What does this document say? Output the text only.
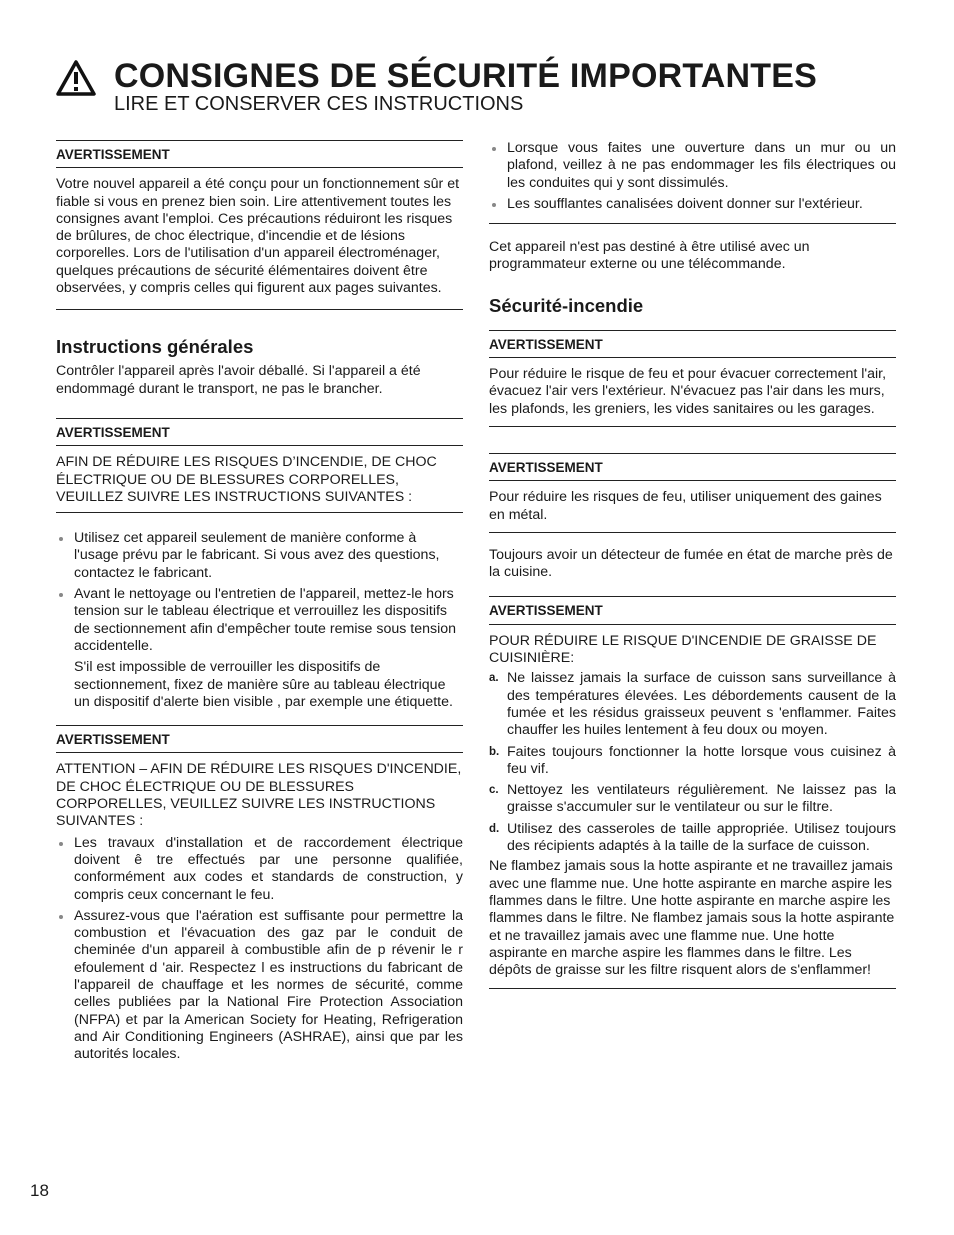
CONSIGNES DE SÉCURITÉ IMPORTANTES
LIRE ET CONSERVER CES INSTRUCTIONS

AVERTISSEMENT

Votre nouvel appareil a été conçu pour un fonctionnement sûr et fiable si vous en prenez bien soin. Lire attentivement toutes les consignes avant l'emploi. Ces précautions réduiront les risques de brûlures, de choc électrique, d'incendie et de lésions corporelles. Lors de l'utilisation d'un appareil électroménager, quelques précautions de sécurité élémentaires doivent être observées, y compris celles qui figurent aux pages suivantes.

Instructions générales

Contrôler l'appareil après l'avoir déballé. Si l'appareil a été endommagé durant le transport, ne pas le brancher.

AVERTISSEMENT

AFIN DE RÉDUIRE LES RISQUES D’INCENDIE, DE CHOC ÉLECTRIQUE OU DE BLESSURES CORPORELLES, VEUILLEZ SUIVRE LES INSTRUCTIONS SUIVANTES :

Utilisez cet appareil seulement de manière conforme à l'usage prévu par le fabricant. Si vous avez des questions, contactez le fabricant.
Avant le nettoyage ou l'entretien de l'appareil, mettez-le hors tension sur le tableau électrique et verrouillez les dispositifs de sectionnement afin d'empêcher toute remise sous tension accidentelle.
S'il est impossible de verrouiller les dispositifs de sectionnement, fixez de manière sûre au tableau électrique un dispositif d'alerte bien visible , par exemple une étiquette.

AVERTISSEMENT

ATTENTION – AFIN DE RÉDUIRE LES RISQUES D'INCENDIE, DE CHOC ÉLECTRIQUE OU DE BLESSURES CORPORELLES, VEUILLEZ SUIVRE LES INSTRUCTIONS SUIVANTES :

Les travaux d'installation et de raccordement électrique doivent ê tre effectués par une personne qualifiée, conformément aux codes et standards de construction, y compris ceux concernant le feu.
Assurez-vous que l'aération est suffisante pour permettre la combustion et l'évacuation des gaz par le conduit de cheminée d'un appareil à combustible afin de p révenir le r efoulement d 'air. Respectez l es instructions du fabricant de l'appareil de chauffage et les normes de sécurité, comme celles publiées par la National Fire Protection Association (NFPA) et par la American Society for Heating, Refrigeration and Air Conditioning Engineers (ASHRAE), ainsi que par les autorités locales.
Lorsque vous faites une ouverture dans un mur ou un plafond, veillez à ne pas endommager les fils électriques ou les conduites qui y sont dissimulés.
Les soufflantes canalisées doivent donner sur l'extérieur.

Cet appareil n'est pas destiné à être utilisé avec un programmateur externe ou une télécommande.

Sécurité-incendie

AVERTISSEMENT

Pour réduire le risque de feu et pour évacuer correctement l'air, évacuez l'air vers l'extérieur. N'évacuez pas l'air dans les murs, les plafonds, les greniers, les vides sanitaires ou les garages.

AVERTISSEMENT

Pour réduire les risques de feu, utiliser uniquement des gaines en métal.

Toujours avoir un détecteur de fumée en état de marche près de la cuisine.

AVERTISSEMENT

POUR RÉDUIRE LE RISQUE D'INCENDIE DE GRAISSE DE CUISINIÈRE:

a. Ne laissez jamais la surface de cuisson sans surveillance à des températures élevées. Les débordements causent de la fumée et les résidus graisseux peuvent s 'enflammer. Faites chauffer les huiles lentement à feu doux ou moyen.
b. Faites toujours fonctionner la hotte lorsque vous cuisinez à feu vif.
c. Nettoyez les ventilateurs régulièrement. Ne laissez pas la graisse s'accumuler sur le ventilateur ou sur le filtre.
d. Utilisez des casseroles de taille appropriée. Utilisez toujours des récipients adaptés à la taille de la surface de cuisson.

Ne flambez jamais sous la hotte aspirante et ne travaillez jamais avec une flamme nue. Une hotte aspirante en marche aspire les flammes dans le filtre. Une hotte aspirante en marche aspire les flammes dans le filtre. Ne flambez jamais sous la hotte aspirante et ne travaillez jamais avec une flamme nue. Une hotte aspirante en marche aspire les flammes dans le filtre. Les dépôts de graisse sur les filtre risquent alors de s'enflammer!

18
